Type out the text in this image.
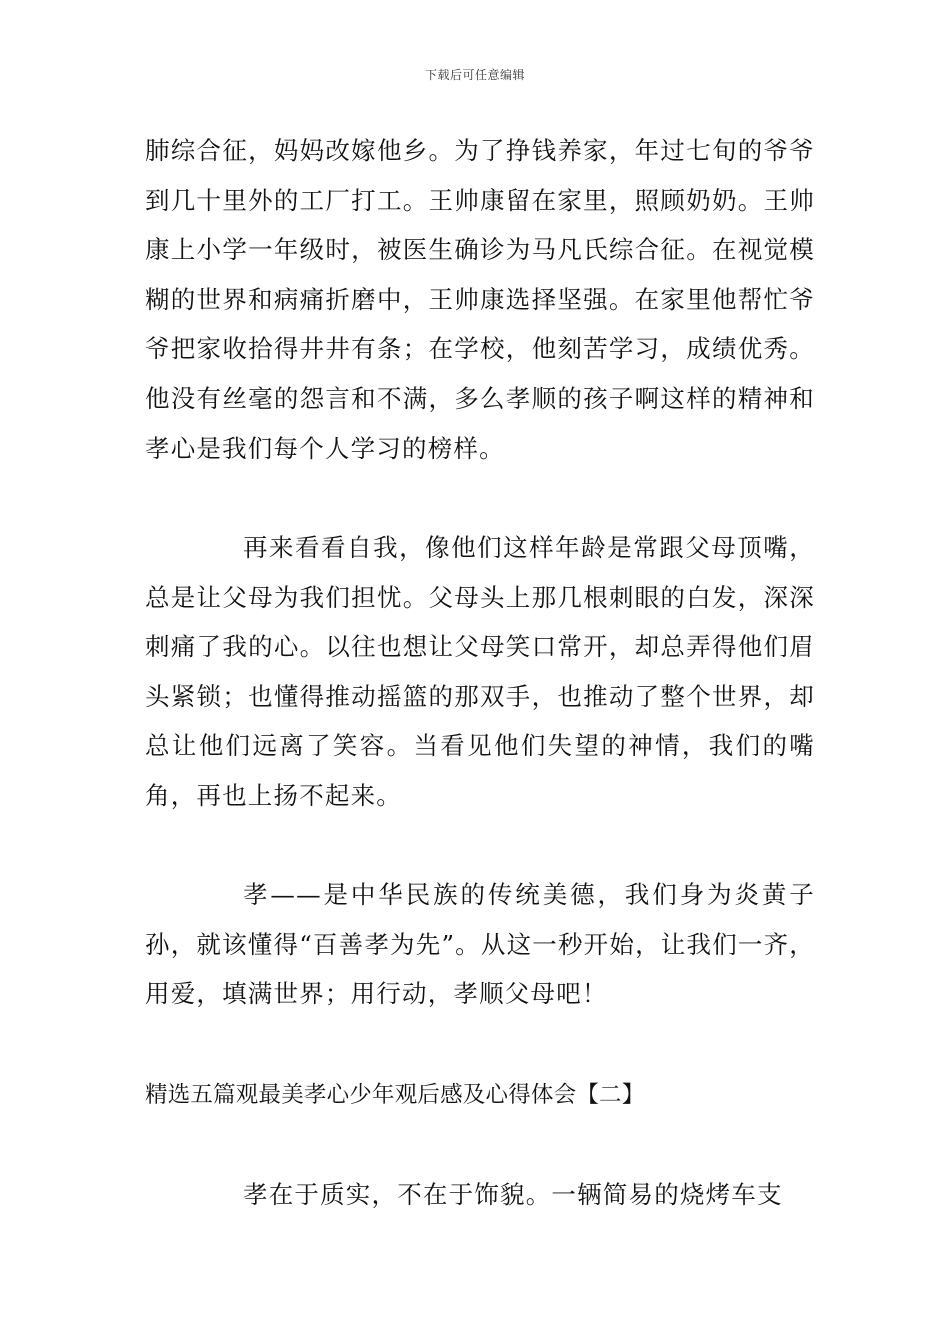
下载后可任意编辑

肺综合征，妈妈改嫁他乡。为了挣钱养家，年过七旬的爷爷到几十里外的工厂打工。王帅康留在家里，照顾奶奶。王帅康上小学一年级时，被医生确诊为马凡氏综合征。在视觉模糊的世界和病痛折磨中，王帅康选择坚强。在家里他帮忙爷爷把家收拾得井井有条；在学校，他刻苦学习，成绩优秀。他没有丝毫的怨言和不满，多么孝顺的孩子啊这样的精神和孝心是我们每个人学习的榜样。

再来看看自我，像他们这样年龄是常跟父母顶嘴，总是让父母为我们担忧。父母头上那几根刺眼的白发，深深刺痛了我的心。以往也想让父母笑口常开，却总弄得他们眉头紧锁；也懂得推动摇篮的那双手，也推动了整个世界，却总让他们远离了笑容。当看见他们失望的神情，我们的嘴角，再也上扬不起来。

孝——是中华民族的传统美德，我们身为炎黄子孙，就该懂得“百善孝为先”。从这一秒开始，让我们一齐，用爱，填满世界；用行动，孝顺父母吧！

精选五篇观最美孝心少年观后感及心得体会【二】

孝在于质实，不在于饰貌。一辆简易的烧烤车支
